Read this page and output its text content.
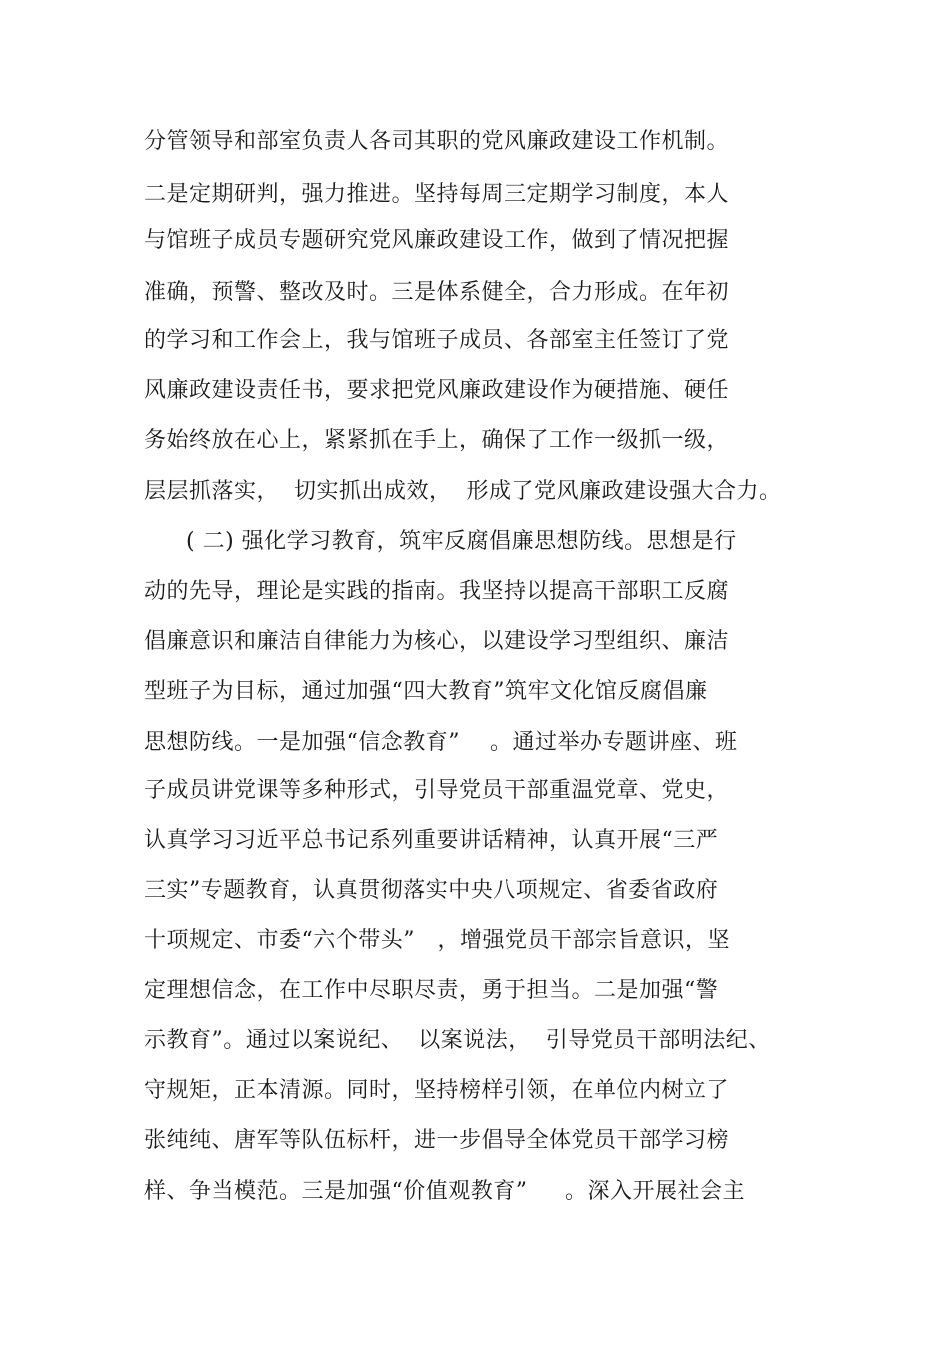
分管领导和部室负责人各司其职的党风廉政建设工作机制。
二是定期研判，强力推进。坚持每周三定期学习制度，本人
与馆班子成员专题研究党风廉政建设工作，做到了情况把握
准确，预警、整改及时。三是体系健全，合力形成。在年初
的学习和工作会上，我与馆班子成员、各部室主任签订了党
风廉政建设责任书，要求把党风廉政建设作为硬措施、硬任
务始终放在心上，紧紧抓在手上，确保了工作一级抓一级，
层层抓落实，  切实抓出成效，  形成了党风廉政建设强大合力。
( 二) 强化学习教育，筑牢反腐倡廉思想防线。思想是行
动的先导，理论是实践的指南。我坚持以提高干部职工反腐
倡廉意识和廉洁自律能力为核心，以建设学习型组织、廉洁
型班子为目标，通过加强“四大教育”筑牢文化馆反腐倡廉
思想防线。一是加强“信念教育”    。通过举办专题讲座、班
子成员讲党课等多种形式，引导党员干部重温党章、党史，
认真学习习近平总书记系列重要讲话精神，认真开展“三严
三实”专题教育，认真贯彻落实中央八项规定、省委省政府
十项规定、市委“六个带头”   ，增强党员干部宗旨意识，坚
定理想信念，在工作中尽职尽责，勇于担当。二是加强“警
示教育”。通过以案说纪、  以案说法，  引导党员干部明法纪、
守规矩，正本清源。同时，坚持榜样引领，在单位内树立了
张纯纯、唐军等队伍标杆，进一步倡导全体党员干部学习榜
样、争当模范。三是加强“价值观教育”     。深入开展社会主
